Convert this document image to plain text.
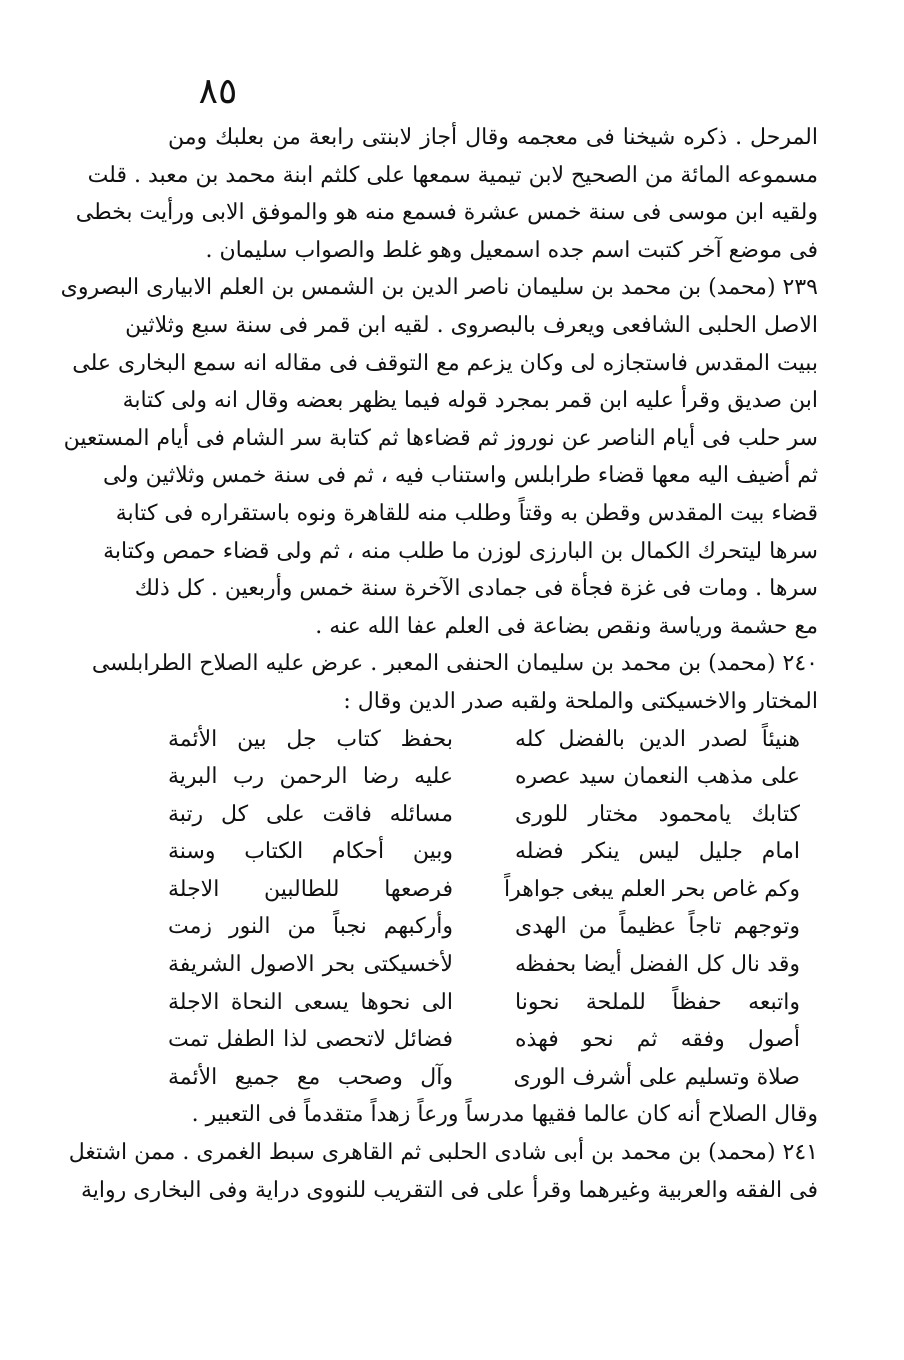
٨٥
المرحل . ذكره شيخنا فى معجمه وقال أجاز لابنتى رابعة من بعلبك ومن
مسموعه المائة من الصحيح لابن تيمية سمعها على كلثم ابنة محمد بن معبد . قلت
ولقيه ابن موسى فى سنة خمس عشرة فسمع منه هو والموفق الابى ورأيت بخطى
فى موضع آخر كتبت اسم جده اسمعيل وهو غلط والصواب سليمان .
٢٣٩ (محمد) بن محمد بن سليمان ناصر الدين بن الشمس بن العلم الابيارى البصروى
الاصل الحلبى الشافعى ويعرف بالبصروى . لقيه ابن قمر فى سنة سبع وثلاثين
ببيت المقدس فاستجازه لى وكان يزعم مع التوقف فى مقاله انه سمع البخارى على
ابن صديق وقرأ عليه ابن قمر بمجرد قوله فيما يظهر بعضه وقال انه ولى كتابة
سر حلب فى أيام الناصر عن نوروز ثم قضاءها ثم كتابة سر الشام فى أيام المستعين
ثم أضيف اليه معها قضاء طرابلس واستناب فيه ، ثم فى سنة خمس وثلاثين ولى
قضاء بيت المقدس وقطن به وقتاً وطلب منه للقاهرة ونوه باستقراره فى كتابة
سرها ليتحرك الكمال بن البارزى لوزن ما طلب منه ، ثم ولى قضاء حمص وكتابة
سرها . ومات فى غزة فجأة فى جمادى الآخرة سنة خمس وأربعين . كل ذلك
مع حشمة ورياسة ونقص بضاعة فى العلم عفا الله عنه .
٢٤٠ (محمد) بن محمد بن سليمان الحنفى المعبر . عرض عليه الصلاح الطرابلسى
المختار والاخسيكتى والملحة ولقبه صدر الدين وقال :
هنيئاً لصدر الدين بالفضل كله
بحفظ كتاب جل بين الأئمة
على مذهب النعمان سيد عصره
عليه رضا الرحمن رب البرية
كتابك يامحمود مختار للورى
مسائله فاقت على كل رتبة
امام جليل ليس ينكر فضله
وبين أحكام الكتاب وسنة
وكم غاص بحر العلم يبغى جواهراً
فرصعها للطالبين الاجلة
وتوجهم تاجاً عظيماً من الهدى
وأركبهم نجباً من النور زمت
وقد نال كل الفضل أيضا بحفظه
لأخسيكتى بحر الاصول الشريفة
واتبعه حفظاً للملحة نحونا
الى نحوها يسعى النحاة الاجلة
أصول وفقه ثم نحو فهذه
فضائل لاتحصى لذا الطفل تمت
صلاة وتسليم على أشرف الورى
وآل وصحب مع جميع الأئمة
وقال الصلاح أنه كان عالما فقيها مدرساً ورعاً زهداً متقدماً فى التعبير .
٢٤١ (محمد) بن محمد بن أبى شادى الحلبى ثم القاهرى سبط الغمرى . ممن اشتغل
فى الفقه والعربية وغيرهما وقرأ على فى التقريب للنووى دراية وفى البخارى رواية
